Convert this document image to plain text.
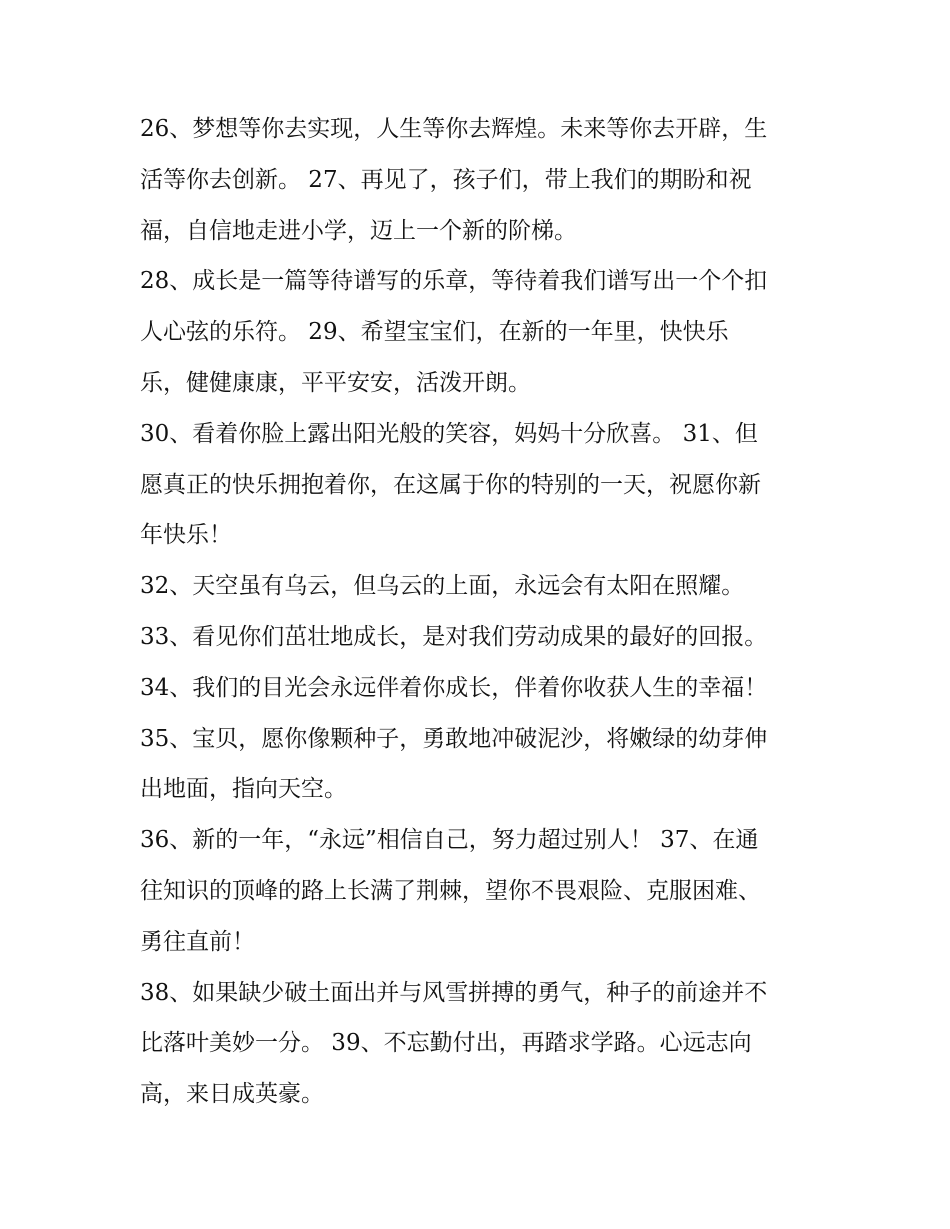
26、梦想等你去实现，人生等你去辉煌。未来等你去开辟，生
活等你去创新。 27、再见了，孩子们，带上我们的期盼和祝
福，自信地走进小学，迈上一个新的阶梯。
28、成长是一篇等待谱写的乐章，等待着我们谱写出一个个扣
人心弦的乐符。 29、希望宝宝们，在新的一年里，快快乐
乐，健健康康，平平安安，活泼开朗。
30、看着你脸上露出阳光般的笑容，妈妈十分欣喜。 31、但
愿真正的快乐拥抱着你，在这属于你的特别的一天，祝愿你新
年快乐！
32、天空虽有乌云，但乌云的上面，永远会有太阳在照耀。
33、看见你们茁壮地成长，是对我们劳动成果的最好的回报。
34、我们的目光会永远伴着你成长，伴着你收获人生的幸福！
35、宝贝，愿你像颗种子，勇敢地冲破泥沙，将嫩绿的幼芽伸
出地面，指向天空。
36、新的一年，“永远”相信自己，努力超过别人！ 37、在通
往知识的顶峰的路上长满了荆棘，望你不畏艰险、克服困难、
勇往直前！
38、如果缺少破土面出并与风雪拼搏的勇气，种子的前途并不
比落叶美妙一分。 39、不忘勤付出，再踏求学路。心远志向
高，来日成英豪。
